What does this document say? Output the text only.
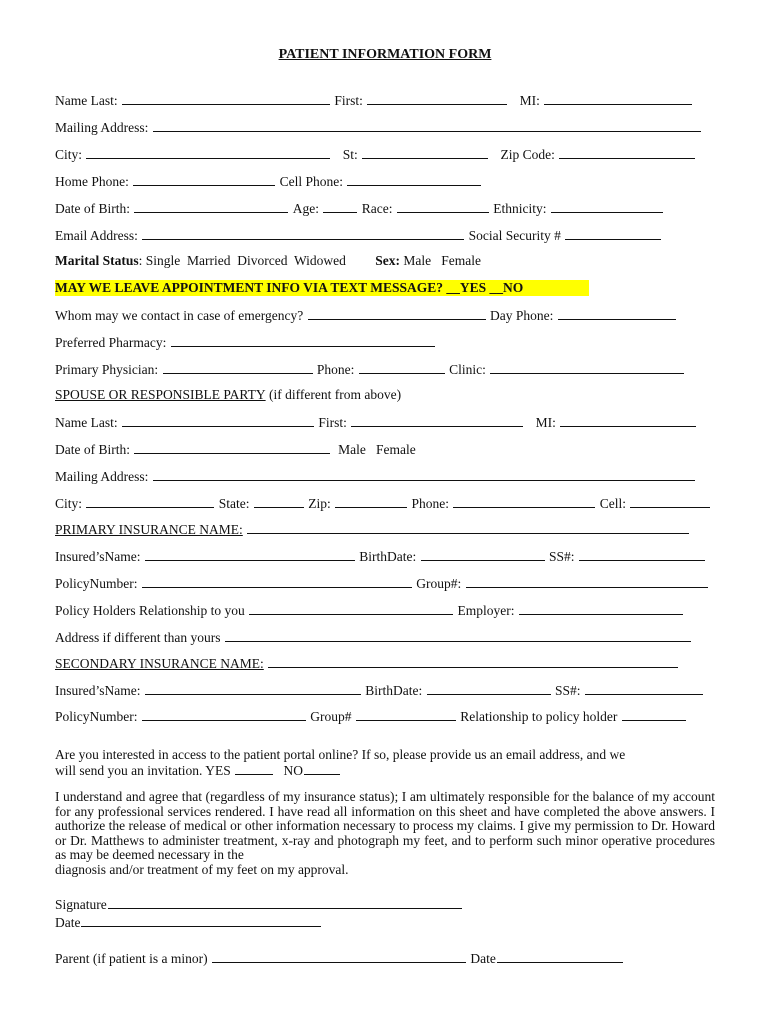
PATIENT INFORMATION FORM
Name Last:	First:	MI:
Mailing Address:
City:	St:	Zip Code:
Home Phone:	Cell Phone:
Date of Birth:	Age:	Race:	Ethnicity:
Email Address:	Social Security #
Marital Status: Single  Married  Divorced  Widowed Sex: Male   Female
MAY WE LEAVE APPOINTMENT INFO VIA TEXT MESSAGE? __YES __NO
Whom may we contact in case of emergency?	Day Phone:
Preferred Pharmacy:
Primary Physician:	Phone:	Clinic:
SPOUSE OR RESPONSIBLE PARTY (if different from above)
Name Last:	First:	MI:
Date of Birth:	Male   Female
Mailing Address:
City:	State:	Zip:	Phone:	Cell:
PRIMARY INSURANCE NAME:
Insured’sName:	BirthDate:	SS#:
PolicyNumber:	Group#:
Policy Holders Relationship to you	Employer:
Address if different than yours
SECONDARY INSURANCE NAME:
Insured’sName:	BirthDate:	SS#:
PolicyNumber:	Group#	Relationship to policy holder
Are you interested in access to the patient portal online? If so, please provide us an email address, and we
will send you an invitation. YES	NO
I understand and agree that (regardless of my insurance status); I am ultimately responsible for the balance of my account for any professional services rendered. I have read all information on this sheet and have completed the above answers. I authorize the release of medical or other information necessary to process my claims. I give my permission to Dr. Howard or Dr. Matthews to administer treatment, x-ray and photograph my feet, and to perform such minor operative procedures as may be deemed necessary in the
diagnosis and/or treatment of my feet on my approval.
Signature
Date
Parent (if patient is a minor)	Date
